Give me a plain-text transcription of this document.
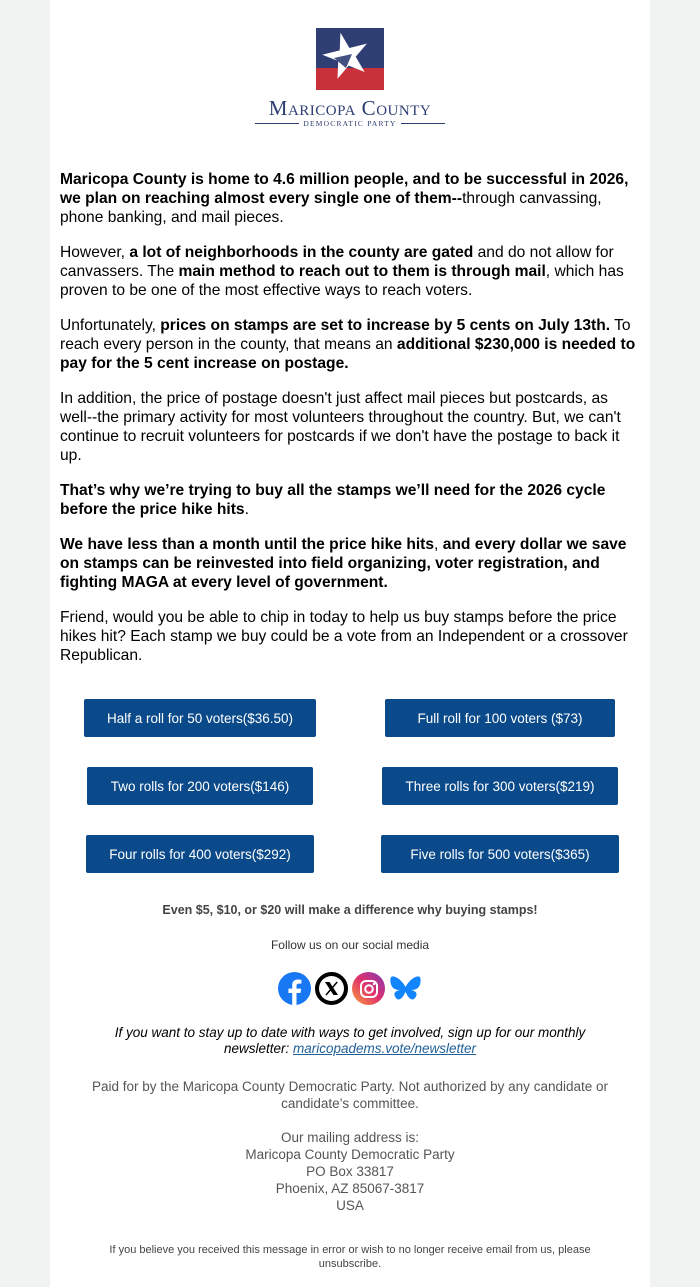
Maricopa County
DEMOCRATIC PARTY

Maricopa County is home to 4.6 million people, and to be successful in 2026, we plan on reaching almost every single one of them--through canvassing, phone banking, and mail pieces.

However, a lot of neighborhoods in the county are gated and do not allow for canvassers. The main method to reach out to them is through mail, which has proven to be one of the most effective ways to reach voters.

Unfortunately, prices on stamps are set to increase by 5 cents on July 13th. To reach every person in the county, that means an additional $230,000 is needed to pay for the 5 cent increase on postage.

In addition, the price of postage doesn't just affect mail pieces but postcards, as well--the primary activity for most volunteers throughout the country. But, we can't continue to recruit volunteers for postcards if we don't have the postage to back it up.

That’s why we’re trying to buy all the stamps we’ll need for the 2026 cycle before the price hike hits.

We have less than a month until the price hike hits, and every dollar we save on stamps can be reinvested into field organizing, voter registration, and fighting MAGA at every level of government.

Friend, would you be able to chip in today to help us buy stamps before the price hikes hit? Each stamp we buy could be a vote from an Independent or a crossover Republican.

Half a roll for 50 voters($36.50)	Full roll for 100 voters ($73)
Two rolls for 200 voters($146)	Three rolls for 300 voters($219)
Four rolls for 400 voters($292)	Five rolls for 500 voters($365)
Even $5, $10, or $20 will make a difference why buying stamps!
Follow us on our social media
If you want to stay up to date with ways to get involved, sign up for our monthly newsletter: maricopadems.vote/newsletter
Paid for by the Maricopa County Democratic Party. Not authorized by any candidate or candidate’s committee.
Our mailing address is:
Maricopa County Democratic Party
PO Box 33817
Phoenix, AZ 85067-3817
USA
If you believe you received this message in error or wish to no longer receive email from us, please unsubscribe.
